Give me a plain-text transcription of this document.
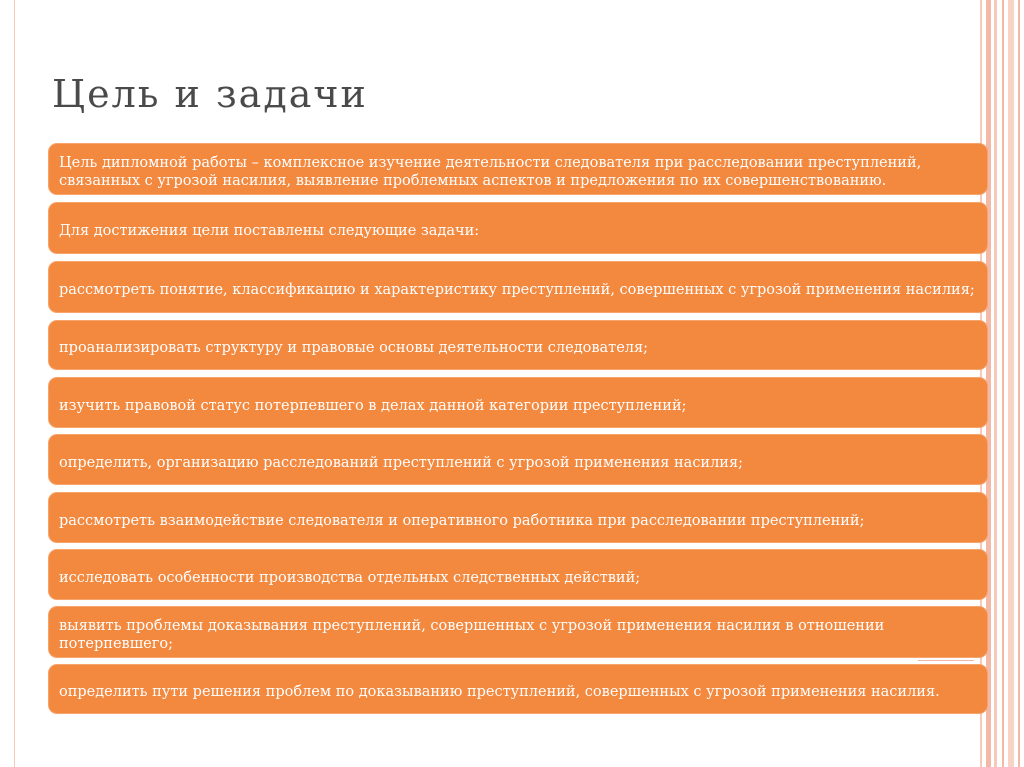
Цель и задачи
Цель дипломной работы – комплексное изучение деятельности следователя при расследовании преступлений, связанных с угрозой насилия, выявление проблемных аспектов и предложения по их совершенствованию.
Для достижения цели поставлены следующие задачи:
рассмотреть понятие, классификацию и характеристику преступлений, совершенных с угрозой применения насилия;
проанализировать структуру и правовые основы деятельности следователя;
изучить правовой статус потерпевшего в делах данной категории преступлений;
определить, организацию расследований преступлений с угрозой применения насилия;
рассмотреть взаимодействие следователя и оперативного работника при расследовании преступлений;
исследовать особенности производства отдельных следственных действий;
выявить проблемы доказывания преступлений, совершенных с угрозой применения насилия в отношении потерпевшего;
определить пути решения проблем по доказыванию преступлений, совершенных с угрозой применения насилия.
